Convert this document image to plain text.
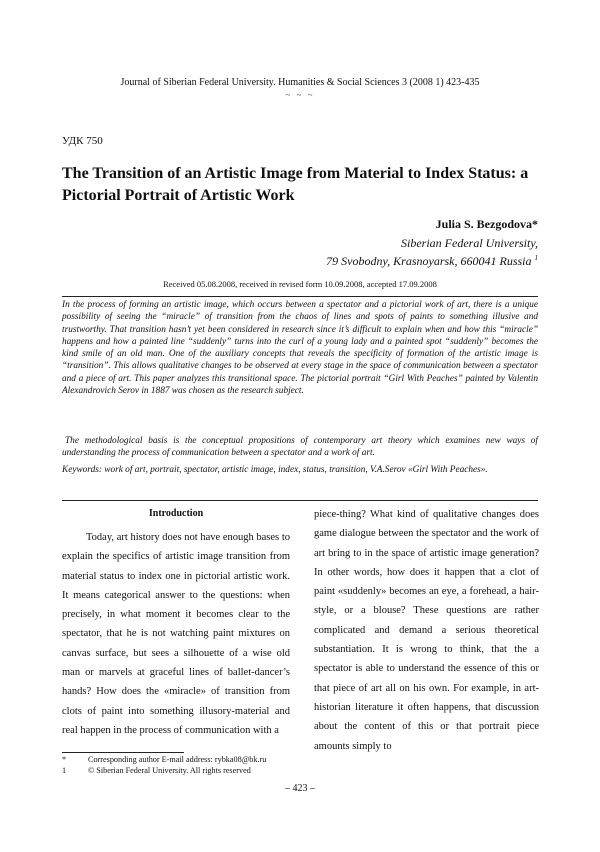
Journal of Siberian Federal University. Humanities & Social Sciences 3 (2008 1) 423-435
~ ~ ~
УДК 750
The Transition of an Artistic Image from Material to Index Status: a Pictorial Portrait of Artistic Work
Julia S. Bezgodova*
Siberian Federal University,
79 Svobodny, Krasnoyarsk, 660041 Russia $^1$
Received 05.08.2008, received in revised form 10.09.2008, accepted 17.09.2008
In the process of forming an artistic image, which occurs between a spectator and a pictorial work of art, there is a unique possibility of seeing the “miracle” of transition from the chaos of lines and spots of paints to something illusive and trustworthy. That transition hasn’t yet been considered in research since it’s difficult to explain when and how this “miracle” happens and how a painted line “suddenly” turns into the curl of a young lady and a painted spot “suddenly” becomes the kind smile of an old man. One of the auxiliary concepts that reveals the specificity of formation of the artistic image is “transition”. This allows qualitative changes to be observed at every stage in the space of communication between a spectator and a piece of art. This paper analyzes this transitional space. The pictorial portrait “Girl With Peaches” painted by Valentin Alexandrovich Serov in 1887 was chosen as the research subject.
The methodological basis is the conceptual propositions of contemporary art theory which examines new ways of understanding the process of communication between a spectator and a work of art.
Keywords: work of art, portrait, spectator, artistic image, index, status, transition, V.A.Serov «Girl With Peaches».
Introduction
Today, art history does not have enough bases to explain the specifics of artistic image transition from material status to index one in pictorial artistic work. It means categorical answer to the questions: when precisely, in what moment it becomes clear to the spectator, that he is not watching paint mixtures on canvas surface, but sees a silhouette of a wise old man or marvels at graceful lines of ballet-dancer’s hands? How does the «miracle» of transition from clots of paint into something illusory-material and real happen in the process of communication with a
piece-thing? What kind of qualitative changes does game dialogue between the spectator and the work of art bring to in the space of artistic image generation? In other words, how does it happen that a clot of paint «suddenly» becomes an eye, a forehead, a hair-style, or a blouse? These questions are rather complicated and demand a serious theoretical substantiation. It is wrong to think, that the a spectator is able to understand the essence of this or that piece of art all on his own. For example, in art-historian literature it often happens, that discussion about the content of this or that portrait piece amounts simply to
*	Corresponding author E-mail address: rybka08@bk.ru
1	© Siberian Federal University. All rights reserved
– 423 –
